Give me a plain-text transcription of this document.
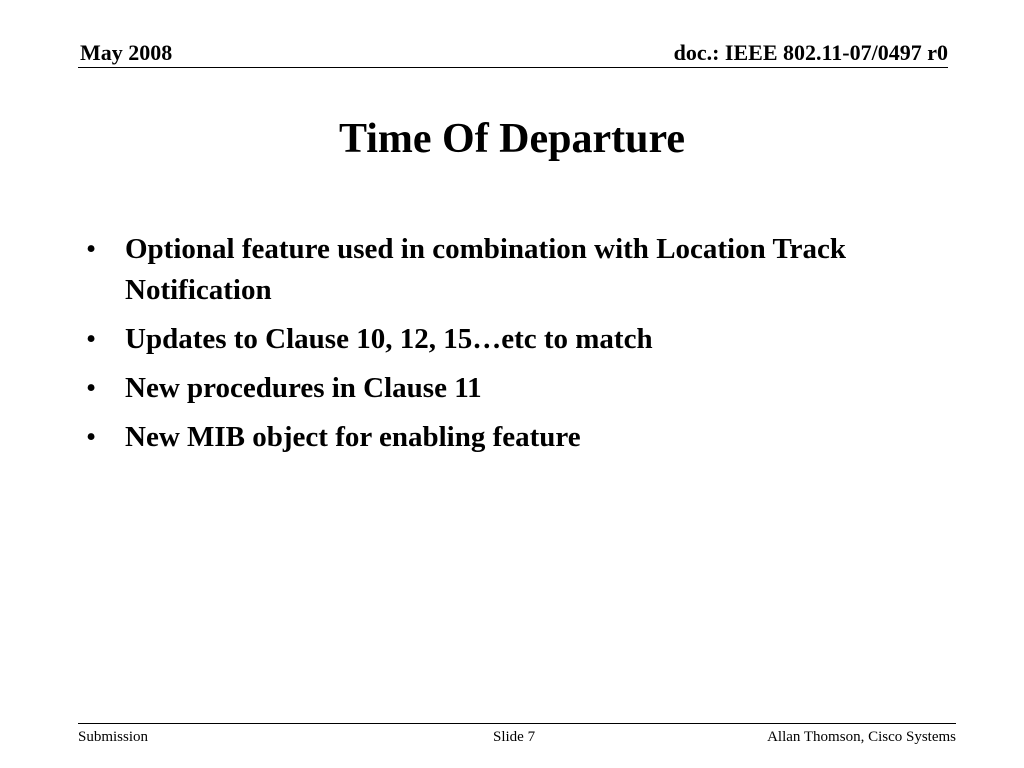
May 2008	doc.: IEEE 802.11-07/0497 r0
Time Of Departure
• Optional feature used in combination with Location Track Notification
• Updates to Clause 10, 12, 15…etc to match
• New procedures in Clause 11
• New MIB object for enabling feature
Submission	Slide 7	Allan Thomson, Cisco Systems
